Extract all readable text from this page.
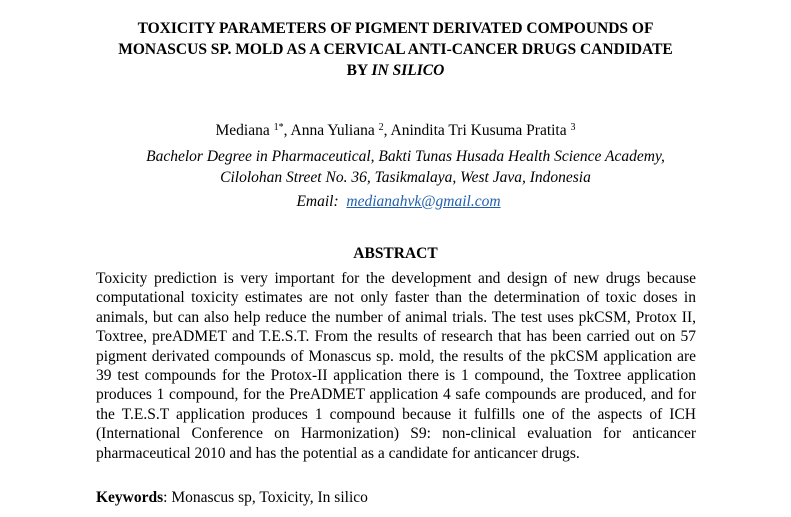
TOXICITY PARAMETERS OF PIGMENT DERIVATED COMPOUNDS OF
MONASCUS SP. MOLD AS A CERVICAL ANTI-CANCER DRUGS CANDIDATE
BY IN SILICO
Mediana $^{1*}$, Anna Yuliana $^2$, Anindita Tri Kusuma Pratita $^3$
Bachelor Degree in Pharmaceutical, Bakti Tunas Husada Health Science Academy,
Cilolohan Street No. 36, Tasikmalaya, West Java, Indonesia
Email: medianahvk@gmail.com
ABSTRACT

Toxicity prediction is very important for the development and design of new drugs because computational toxicity estimates are not only faster than the determination of toxic doses in animals, but can also help reduce the number of animal trials. The test uses pkCSM, Protox II, Toxtree, preADMET and T.E.S.T. From the results of research that has been carried out on 57 pigment derivated compounds of Monascus sp. mold, the results of the pkCSM application are 39 test compounds for the Protox-II application there is 1 compound, the Toxtree application produces 1 compound, for the PreADMET application 4 safe compounds are produced, and for the T.E.S.T application produces 1 compound because it fulfills one of the aspects of ICH (International Conference on Harmonization) S9: non-clinical evaluation for anticancer pharmaceutical 2010 and has the potential as a candidate for anticancer drugs.

Keywords: Monascus sp, Toxicity, In silico
